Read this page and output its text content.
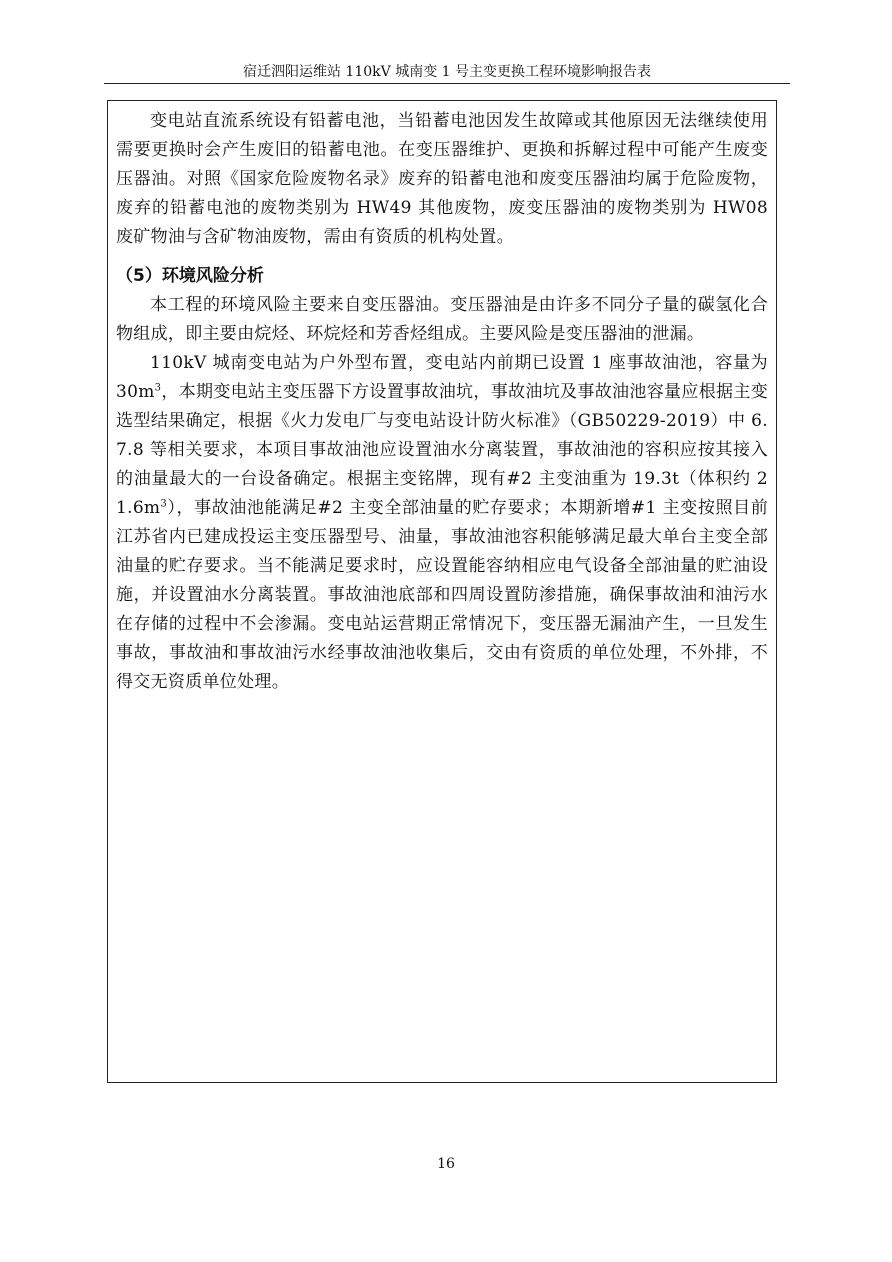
宿迁泗阳运维站 110kV 城南变 1 号主变更换工程环境影响报告表

变电站直流系统设有铅蓄电池，当铅蓄电池因发生故障或其他原因无法继续使用需要更换时会产生废旧的铅蓄电池。在变压器维护、更换和拆解过程中可能产生废变压器油。对照《国家危险废物名录》废弃的铅蓄电池和废变压器油均属于危险废物，废弃的铅蓄电池的废物类别为 HW49 其他废物，废变压器油的废物类别为 HW08 废矿物油与含矿物油废物，需由有资质的机构处置。

（5）环境风险分析

本工程的环境风险主要来自变压器油。变压器油是由许多不同分子量的碳氢化合物组成，即主要由烷烃、环烷烃和芳香烃组成。主要风险是变压器油的泄漏。

110kV 城南变电站为户外型布置，变电站内前期已设置 1 座事故油池，容量为 $30m^3$，本期变电站主变压器下方设置事故油坑，事故油坑及事故油池容量应根据主变选型结果确定，根据《火力发电厂与变电站设计防火标准》（GB50229-2019）中 6.7.8 等相关要求，本项目事故油池应设置油水分离装置，事故油池的容积应按其接入的油量最大的一台设备确定。根据主变铭牌，现有#2 主变油重为 19.3t（体积约 $21.6m^3$），事故油池能满足#2 主变全部油量的贮存要求；本期新增#1 主变按照目前江苏省内已建成投运主变压器型号、油量，事故油池容积能够满足最大单台主变全部油量的贮存要求。当不能满足要求时，应设置能容纳相应电气设备全部油量的贮油设施，并设置油水分离装置。事故油池底部和四周设置防渗措施，确保事故油和油污水在存储的过程中不会渗漏。变电站运营期正常情况下，变压器无漏油产生，一旦发生事故，事故油和事故油污水经事故油池收集后，交由有资质的单位处理，不外排，不得交无资质单位处理。

16
